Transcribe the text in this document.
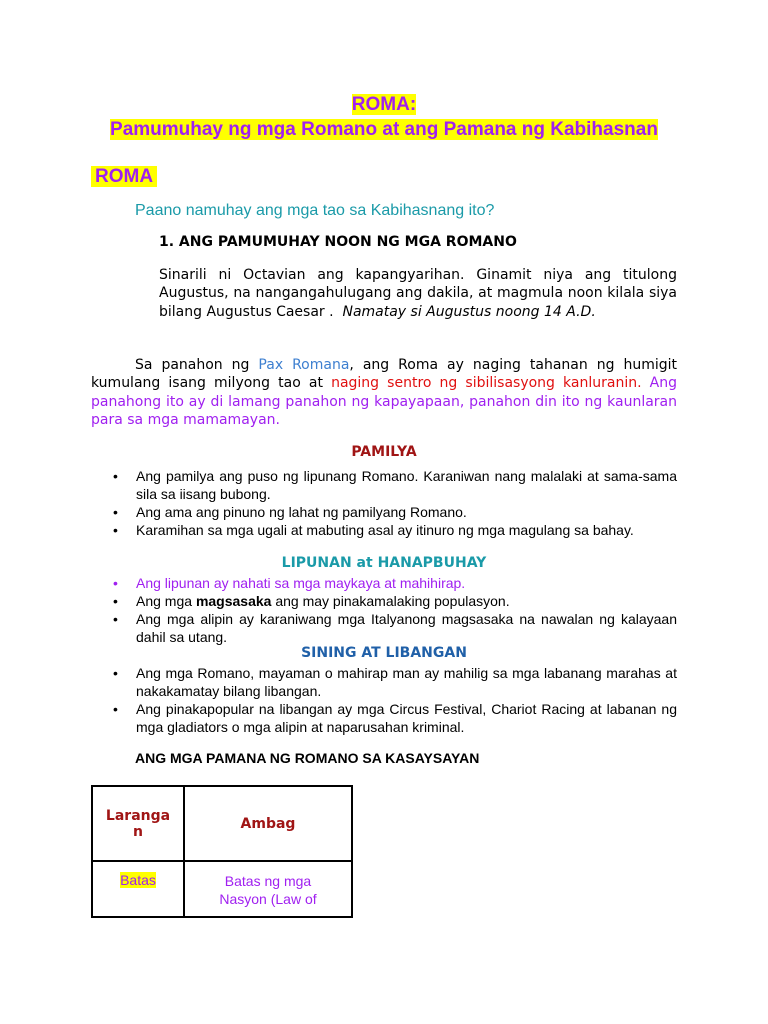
ROMA:
Pamumuhay ng mga Romano at ang Pamana ng Kabihasnan
ROMA
Paano namuhay ang mga tao sa Kabihasnang ito?
1. ANG PAMUMUHAY NOON NG MGA ROMANO
Sinarili ni Octavian ang kapangyarihan. Ginamit niya ang titulong Augustus, na nangangahulugang ang dakila, at magmula noon kilala siya bilang Augustus Caesar . Namatay si Augustus noong 14 A.D.
Sa panahon ng Pax Romana, ang Roma ay naging tahanan ng humigit kumulang isang milyong tao at naging sentro ng sibilisasyong kanluranin. Ang panahong ito ay di lamang panahon ng kapayapaan, panahon din ito ng kaunlaran para sa mga mamamayan.
PAMILYA
• Ang pamilya ang puso ng lipunang Romano. Karaniwan nang malalaki at sama-sama sila sa iisang bubong.
• Ang ama ang pinuno ng lahat ng pamilyang Romano.
• Karamihan sa mga ugali at mabuting asal ay itinuro ng mga magulang sa bahay.
LIPUNAN at HANAPBUHAY
• Ang lipunan ay nahati sa mga maykaya at mahihirap.
• Ang mga magsasaka ang may pinakamalaking populasyon.
• Ang mga alipin ay karaniwang mga Italyanong magsasaka na nawalan ng kalayaan dahil sa utang.
SINING AT LIBANGAN
• Ang mga Romano, mayaman o mahirap man ay mahilig sa mga labanang marahas at nakakamatay bilang libangan.
• Ang pinakapopular na libangan ay mga Circus Festival, Chariot Racing at labanan ng mga gladiators o mga alipin at naparusahan kriminal.
ANG MGA PAMANA NG ROMANO SA KASAYSAYAN
Laranga
n	Ambag
Batas	Batas ng mga
Nasyon (Law of
